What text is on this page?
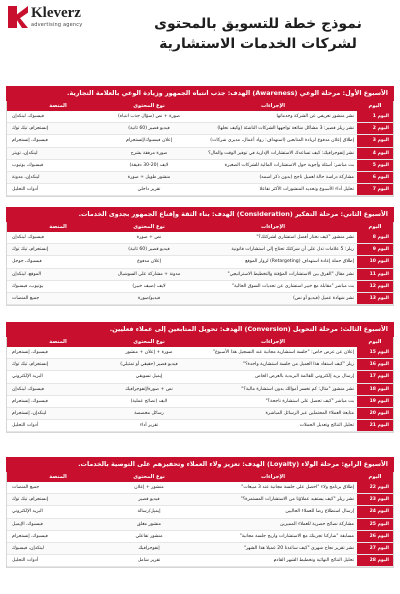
Kleverz
advertising agency	نموذج خطة للتسويق بالمحتوى لشركات الخدمات الاستشارية
الأسبوع الأول: مرحلة الوعي (Awareness) الهدف: جذب انتباه الجمهور وزيادة الوعي بالعلامة التجارية.
اليوم	الإجراءات	نوع المحتوى	المنصة
اليوم 1	نشر منشور تعريفي عن الشركة وخدماتها	صورة + نص (سؤال جذب انتباه)	فيسبوك، لينكدإن
اليوم 2	نشر ريلز قصير: 3 مشاكل شائعة تواجهها الشركات الناشئة (وكيف نحلها)	فيديو قصير (60 ثانية)	إنستجرام، تيك توك
اليوم 3	إطلاق إعلان مدفوع لزيادة المتابعين (استهداف: رواد أعمال، مديري شركات)	إعلان فيسبوك/إنستجرام	فيسبوك، إنستجرام
اليوم 4	نشر إنفوجرافيك: كيف تساعدك الاستشارات الإدارية في توفير الوقت والمال؟	صورة مرفقة بشرح	لينكدإن، تويتر
اليوم 5	بث مباشر: أسئلة وأجوبة حول الاستشارات المالية للشركات الصغيرة	لايف (20-30 دقيقة)	فيسبوك، يوتيوب
اليوم 6	مشاركة دراسة حالة لعميل ناجح (بدون ذكر اسمه)	منشور طويل + صورة	لينكدإن، مدونة
اليوم 7	تحليل أداء الأسبوع وتحديد المنشورات الأكثر تفاعلا	تقرير داخلي	أدوات التحليل
الأسبوع الثاني: مرحلة التفكير (Consideration) الهدف: بناء الثقة وإقناع الجمهور بجدوى الخدمات.
اليوم	الإجراءات	نوع المحتوى	المنصة
اليوم 8	نشر منشور "كيف تختار أفضل استشاري لشركتك؟"	نص + صورة	فيسبوك، لينكدإن
اليوم 9	ريلز: 5 علامات تدل على أن شركتك تحتاج إلى استشارات قانونية	فيديو قصير (60 ثانية)	إنستجرام، تيك توك
اليوم 10	إطلاق حملة إعادة استهداف (Retargeting) لزوار الموقع	إعلان مدفوع	فيسبوك، جوجل
اليوم 11	نشر مقال "الفرق بين الاستشارات المؤقتة والتخطيط الاستراتيجي"	مدونة + مشاركة على السوشيال	الموقع، لينكدإن
اليوم 12	بث مباشر "مقابلة مع خبير استشاري عن تحديات السوق الحالية"	لايف (ضيف خبير)	يوتيوب، فيسبوك
اليوم 13	نشر شهادة عميل (فيديو أو نص)	فيديو/صورة	جميع المنصات
الأسبوع الثالث: مرحلة التحويل (Conversion) الهدف: تحويل المتابعين إلى عملاء فعليين.
اليوم	الإجراءات	نوع المحتوى	المنصة
اليوم 15	إعلان عن عرض خاص: "جلسة استشارية مجانية عند التسجيل هذا الأسبوع"	صورة + إعلان + منشور	فيسبوك، إنستجرام
اليوم 16	ريلز "كيف استفاد هذا العميل من جلسة استشارية واحدة؟"	فيديو قصير (حقيقي أو تمثيلي)	إنستجرام، تيك توك
اليوم 17	إرسال بريد إلكتروني للقائمة البريدية بالعرض الخاص	إيميل تسويقي	البريد الإلكتروني
اليوم 18	نشر منشور "مثال: كم تخسر أموالك بدون استشارة مالية؟"	نص + صورة/إنفوجرافيك	فيسبوك، لينكدإن
اليوم 19	بث مباشر "كيف تحصل على استشارة ناجحة؟"	لايف (نصائح عملية)	فيسبوك، إنستجرام
اليوم 20	متابعة العملاء المحتملين عبر الرسائل المباشرة	رسائل مخصصة	لينكدإن، إنستجرام
اليوم 21	تحليل النتائج وتعديل الحملات	تقرير أداء	أدوات التحليل
الأسبوع الرابع: مرحلة الولاء (Loyalty) الهدف: تعزيز ولاء العملاء وتحفيزهم على التوصية بالخدمات.
اليوم	الإجراءات	نوع المحتوى	المنصة
اليوم 22	إطلاق برنامج ولاء "احصل على جلسة مجانية عند 3 مبيعات"	منشور + إعلان	جميع المنصات
اليوم 23	نشر ريلز "كيف يستفيد عملاؤنا من الاستشارات المستمرة؟"	فيديو قصير	إنستجرام، تيك توك
اليوم 24	إرسال استطلاع رضا للعملاء الحاليين	إيميل/رسالة	البريد الإلكتروني
اليوم 25	مشاركة نصائح حصرية للعملاء المميزين	منشور مغلق	فيسبوك، الإيميل
اليوم 26	مسابقة "شاركنا تجربتك مع الاستشارات واربح جلسة مجانية"	منشور تفاعلي	فيسبوك، إنستجرام
اليوم 27	نشر تقرير نجاح شهري "كيف ساعدنا 20 عميلا هذا الشهر"	إنفوجرافيك	لينكدإن، فيسبوك
اليوم 28	تحليل النتائج النهائية وتخطيط الشهر القادم	تقرير شامل	أدوات التحليل
